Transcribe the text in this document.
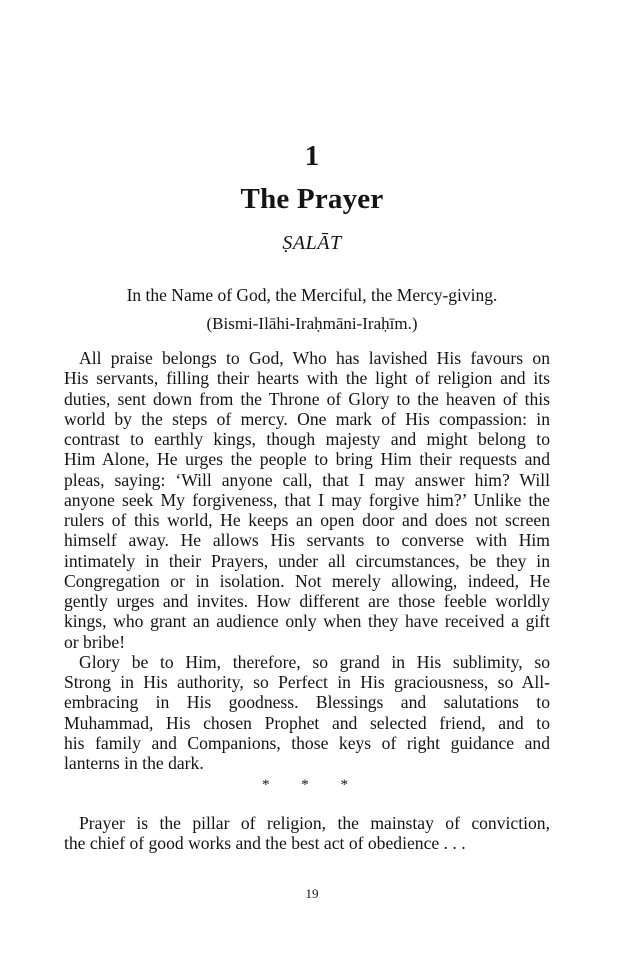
1
The Prayer
ṢALĀT
In the Name of God, the Merciful, the Mercy-giving.
(Bismi-Ilāhi-Iraḥmāni-Iraḥīm.)
All praise belongs to God, Who has lavished His favours on
His servants, filling their hearts with the light of religion and its
duties, sent down from the Throne of Glory to the heaven of this
world by the steps of mercy. One mark of His compassion: in
contrast to earthly kings, though majesty and might belong to
Him Alone, He urges the people to bring Him their requests and
pleas, saying: ‘Will anyone call, that I may answer him? Will
anyone seek My forgiveness, that I may forgive him?’ Unlike the
rulers of this world, He keeps an open door and does not screen
himself away. He allows His servants to converse with Him
intimately in their Prayers, under all circumstances, be they in
Congregation or in isolation. Not merely allowing, indeed, He
gently urges and invites. How different are those feeble worldly
kings, who grant an audience only when they have received a gift
or bribe!
Glory be to Him, therefore, so grand in His sublimity, so
Strong in His authority, so Perfect in His graciousness, so All-
embracing in His goodness. Blessings and salutations to
Muhammad, His chosen Prophet and selected friend, and to
his family and Companions, those keys of right guidance and
lanterns in the dark.
* * *
Prayer is the pillar of religion, the mainstay of conviction,
the chief of good works and the best act of obedience . . .
19
